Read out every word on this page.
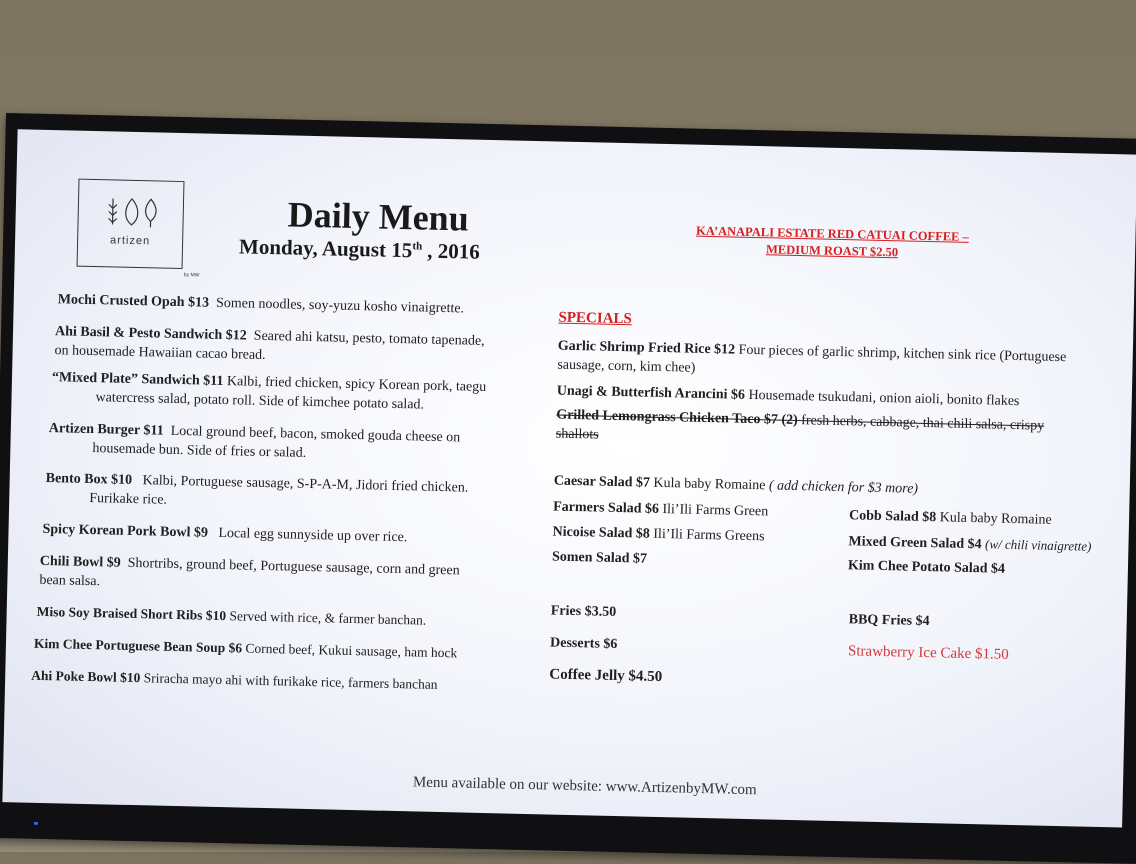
artizen
by MW
Daily Menu
Monday, August 15th , 2016
KA’ANAPALI ESTATE RED CATUAI COFFEE –
MEDIUM ROAST $2.50
Mochi Crusted Opah $13 Somen noodles, soy-yuzu kosho vinaigrette.
Ahi Basil & Pesto Sandwich $12 Seared ahi katsu, pesto, tomato tapenade,
on housemade Hawaiian cacao bread.
“Mixed Plate” Sandwich $11 Kalbi, fried chicken, spicy Korean pork, taegu

watercress salad, potato roll. Side of kimchee potato salad.
Artizen Burger $11 Local ground beef, bacon, smoked gouda cheese on

housemade bun. Side of fries or salad.
Bento Box $10 Kalbi, Portuguese sausage, S-P-A-M, Jidori fried chicken.

Furikake rice.
Spicy Korean Pork Bowl $9 Local egg sunnyside up over rice.
Chili Bowl $9 Shortribs, ground beef, Portuguese sausage, corn and green
bean salsa.
Miso Soy Braised Short Ribs $10 Served with rice, & farmer banchan.
Kim Chee Portuguese Bean Soup $6 Corned beef, Kukui sausage, ham hock
Ahi Poke Bowl $10 Sriracha mayo ahi with furikake rice, farmers banchan
SPECIALS
Garlic Shrimp Fried Rice $12 Four pieces of garlic shrimp, kitchen sink rice (Portuguese
sausage, corn, kim chee)
Unagi & Butterfish Arancini $6 Housemade tsukudani, onion aioli, bonito flakes
Grilled Lemongrass Chicken Taco $7 (2) fresh herbs, cabbage, thai chili salsa, crispy
shallots
Caesar Salad $7 Kula baby Romaine ( add chicken for $3 more)
Farmers Salad $6 Ili’Ili Farms Green
Nicoise Salad $8 Ili’Ili Farms Greens
Somen Salad $7
Cobb Salad $8 Kula baby Romaine
Mixed Green Salad $4 (w/ chili vinaigrette)
Kim Chee Potato Salad $4
Fries $3.50
Desserts $6
Coffee Jelly $4.50
BBQ Fries $4
Strawberry Ice Cake $1.50
Menu available on our website: www.ArtizenbyMW.com
